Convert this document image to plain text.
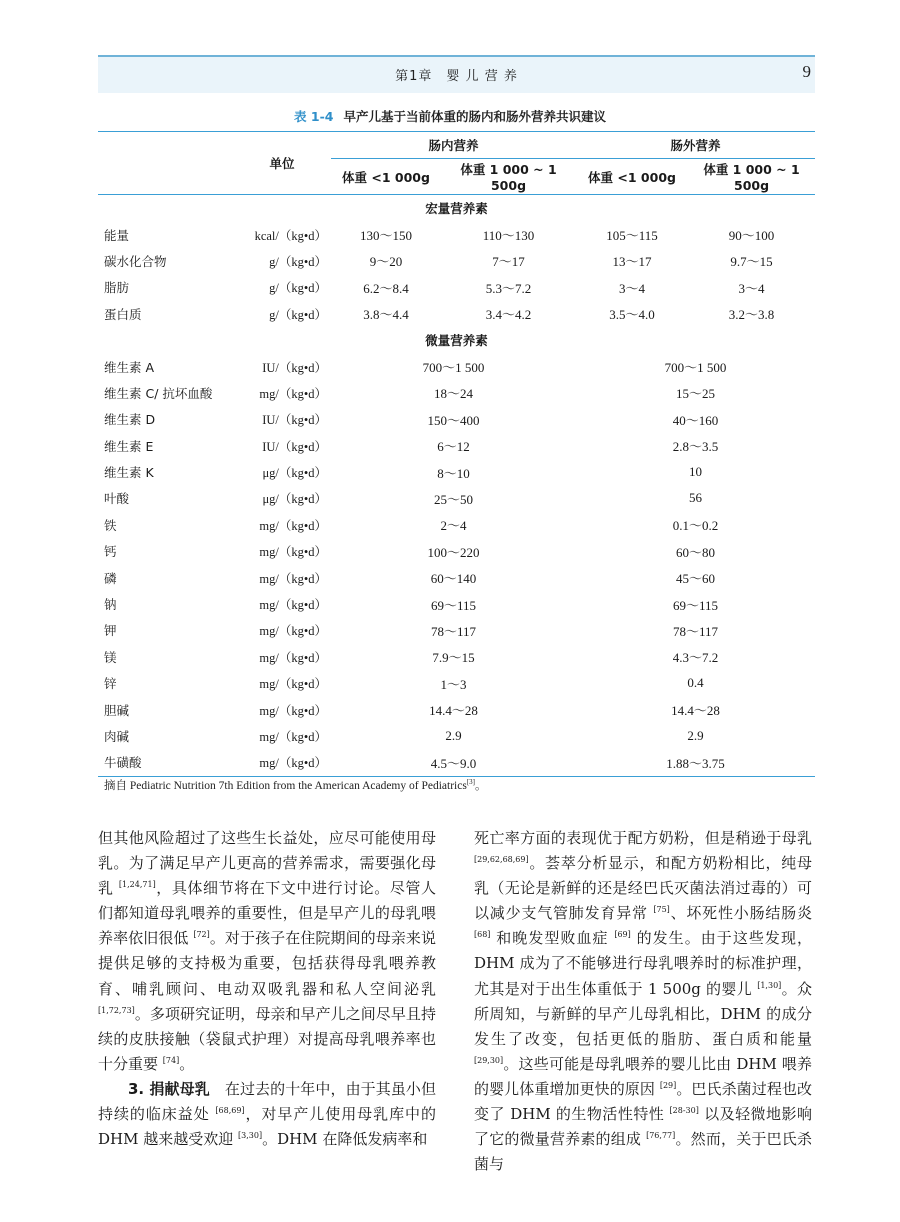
第1章　婴 儿 营 养	9
表 1-4 早产儿基于当前体重的肠内和肠外营养共识建议
	单位	肠内营养		肠外营养	
		体重 <1 000g	体重 1 000 ~ 1 500g	体重 <1 000g	体重 1 000 ~ 1 500g
宏量营养素					
能量	kcal/（kg•d）	130～150	110～130	105～115	90～100
碳水化合物	g/（kg•d）	9～20	7～17	13～17	9.7～15
脂肪	g/（kg•d）	6.2～8.4	5.3～7.2	3～4	3～4
蛋白质	g/（kg•d）	3.8～4.4	3.4～4.2	3.5～4.0	3.2～3.8
微量营养素					
维生素 A	IU/（kg•d）	700～1 500		700～1 500	
维生素 C/ 抗坏血酸	mg/（kg•d）	18～24		15～25	
维生素 D	IU/（kg•d）	150～400		40～160	
维生素 E	IU/（kg•d）	6～12		2.8～3.5	
维生素 K	μg/（kg•d）	8～10		10	
叶酸	μg/（kg•d）	25～50		56	
铁	mg/（kg•d）	2～4		0.1～0.2	
钙	mg/（kg•d）	100～220		60～80	
磷	mg/（kg•d）	60～140		45～60	
钠	mg/（kg•d）	69～115		69～115	
钾	mg/（kg•d）	78～117		78～117	
镁	mg/（kg•d）	7.9～15		4.3～7.2	
锌	mg/（kg•d）	1～3		0.4	
胆碱	mg/（kg•d）	14.4～28		14.4～28	
肉碱	mg/（kg•d）	2.9		2.9	
牛磺酸	mg/（kg•d）	4.5～9.0		1.88～3.75	
摘自 Pediatric Nutrition 7th Edition from the American Academy of Pediatrics[3]。

但其他风险超过了这些生长益处，应尽可能使用母乳。为了满足早产儿更高的营养需求，需要强化母乳 [1,24,71]，具体细节将在下文中进行讨论。尽管人们都知道母乳喂养的重要性，但是早产儿的母乳喂养率依旧很低 [72]。对于孩子在住院期间的母亲来说提供足够的支持极为重要，包括获得母乳喂养教育、哺乳顾问、电动双吸乳器和私人空间泌乳 [1,72,73]。多项研究证明，母亲和早产儿之间尽早且持续的皮肤接触（袋鼠式护理）对提高母乳喂养率也十分重要 [74]。

3. 捐献母乳　在过去的十年中，由于其虽小但持续的临床益处 [68,69]，对早产儿使用母乳库中的 DHM 越来越受欢迎 [3,30]。DHM 在降低发病率和

死亡率方面的表现优于配方奶粉，但是稍逊于母乳 [29,62,68,69]。荟萃分析显示，和配方奶粉相比，纯母乳（无论是新鲜的还是经巴氏灭菌法消过毒的）可以减少支气管肺发育异常 [75]、坏死性小肠结肠炎 [68] 和晚发型败血症 [69] 的发生。由于这些发现，DHM 成为了不能够进行母乳喂养时的标准护理，尤其是对于出生体重低于 1 500g 的婴儿 [1,30]。众所周知，与新鲜的早产儿母乳相比，DHM 的成分发生了改变，包括更低的脂肪、蛋白质和能量 [29,30]。这些可能是母乳喂养的婴儿比由 DHM 喂养的婴儿体重增加更快的原因 [29]。巴氏杀菌过程也改变了 DHM 的生物活性特性 [28-30] 以及轻微地影响了它的微量营养素的组成 [76,77]。然而，关于巴氏杀菌与
